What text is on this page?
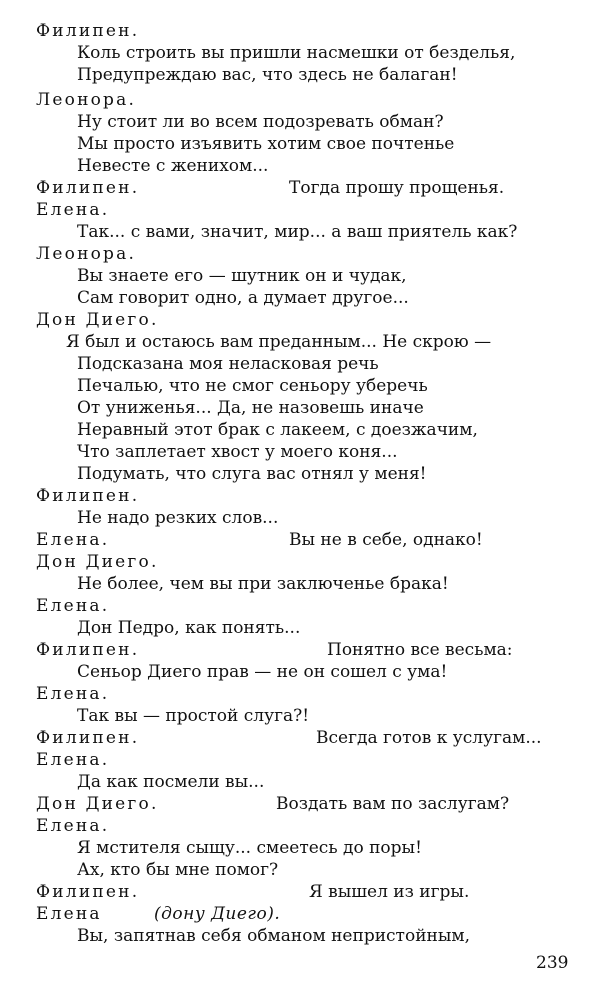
Филипен.
Коль строить вы пришли насмешки от безделья,
Предупреждаю вас, что здесь не балаган!
Леонора.
Ну стоит ли во всем подозревать обман?
Мы просто изъявить хотим свое почтенье
Невесте с женихом...
Филипен.	Тогда прошу прощенья.
Елена.
Так... с вами, значит, мир... а ваш приятель как?
Леонора.
Вы знаете его — шутник он и чудак,
Сам говорит одно, а думает другое...
Дон Диего.
Я был и остаюсь вам преданным... Не скрою —
Подсказана моя неласковая речь
Печалью, что не смог сеньору уберечь
От униженья... Да, не назовешь иначе
Неравный этот брак с лакеем, с доезжачим,
Что заплетает хвост у моего коня...
Подумать, что слуга вас отнял у меня!
Филипен.
Не надо резких слов...
Елена.	Вы не в себе, однако!
Дон Диего.
Не более, чем вы при заключенье брака!
Елена.
Дон Педро, как понять...
Филипен.	Понятно все весьма:
Сеньор Диего прав — не он сошел с ума!
Елена.
Так вы — простой слуга?!
Филипен.	Всегда готов к услугам...
Елена.
Да как посмели вы...
Дон Диего.	Воздать вам по заслугам?
Елена.
Я мстителя сыщу... смеетесь до поры!
Ах, кто бы мне помог?
Филипен.	Я вышел из игры.
Елена	(дону Диего).
Вы, запятнав себя обманом непристойным,
239
